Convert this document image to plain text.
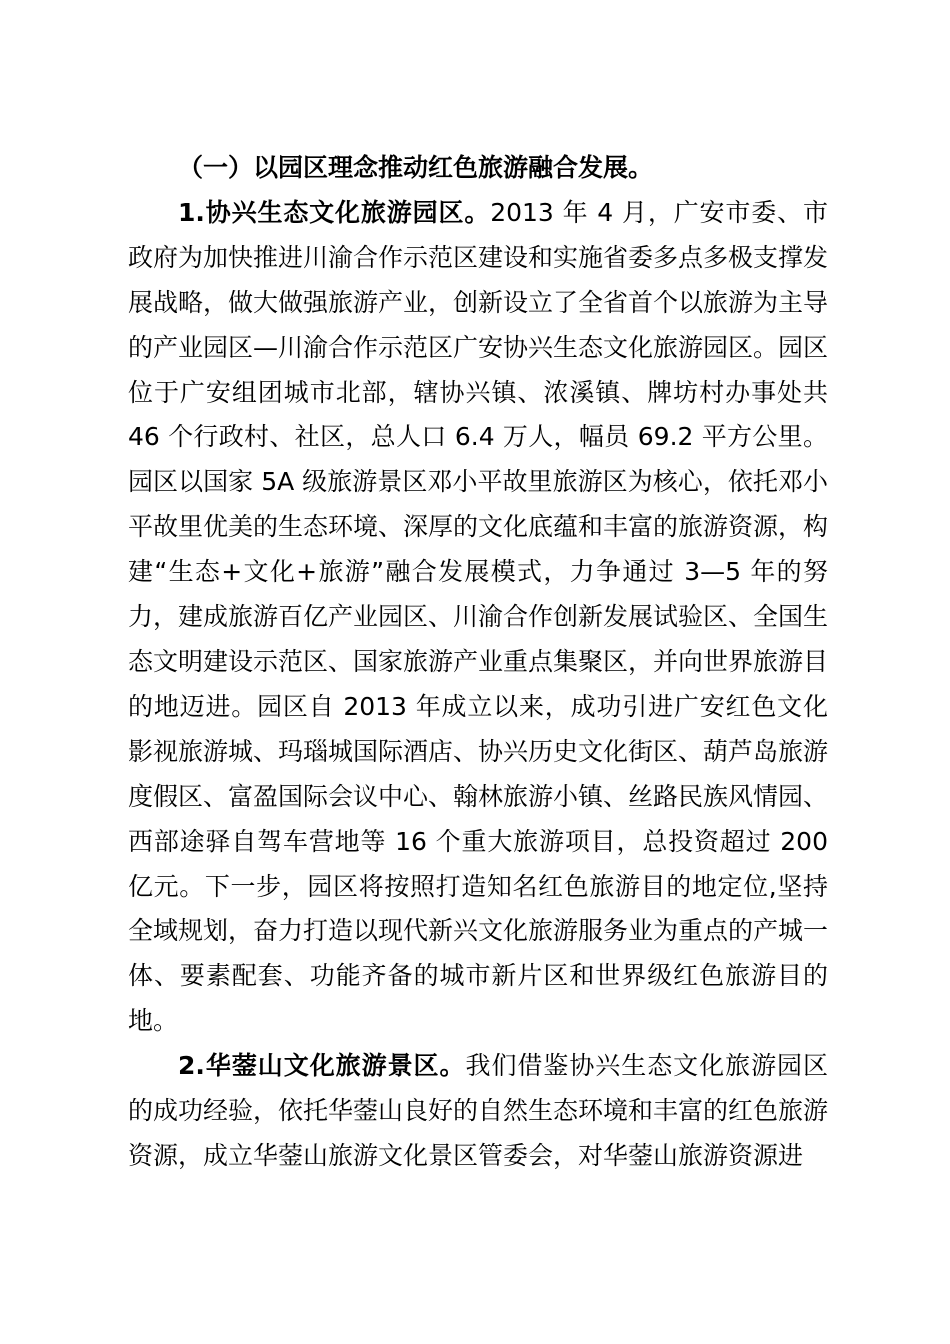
（一）以园区理念推动红色旅游融合发展。

1.协兴生态文化旅游园区。2013 年 4 月，广安市委、市政府为加快推进川渝合作示范区建设和实施省委多点多极支撑发展战略，做大做强旅游产业，创新设立了全省首个以旅游为主导的产业园区—川渝合作示范区广安协兴生态文化旅游园区。园区位于广安组团城市北部，辖协兴镇、浓溪镇、牌坊村办事处共 46 个行政村、社区，总人口 6.4 万人，幅员 69.2 平方公里。园区以国家 5A 级旅游景区邓小平故里旅游区为核心，依托邓小平故里优美的生态环境、深厚的文化底蕴和丰富的旅游资源，构建“生态+文化+旅游”融合发展模式，力争通过 3—5 年的努力，建成旅游百亿产业园区、川渝合作创新发展试验区、全国生态文明建设示范区、国家旅游产业重点集聚区，并向世界旅游目的地迈进。园区自 2013 年成立以来，成功引进广安红色文化影视旅游城、玛瑙城国际酒店、协兴历史文化街区、葫芦岛旅游度假区、富盈国际会议中心、翰林旅游小镇、丝路民族风情园、西部途驿自驾车营地等 16 个重大旅游项目，总投资超过 200 亿元。下一步，园区将按照打造知名红色旅游目的地定位,坚持全域规划，奋力打造以现代新兴文化旅游服务业为重点的产城一体、要素配套、功能齐备的城市新片区和世界级红色旅游目的地。

2.华蓥山文化旅游景区。我们借鉴协兴生态文化旅游园区的成功经验，依托华蓥山良好的自然生态环境和丰富的红色旅游资源，成立华蓥山旅游文化景区管委会，对华蓥山旅游资源进
